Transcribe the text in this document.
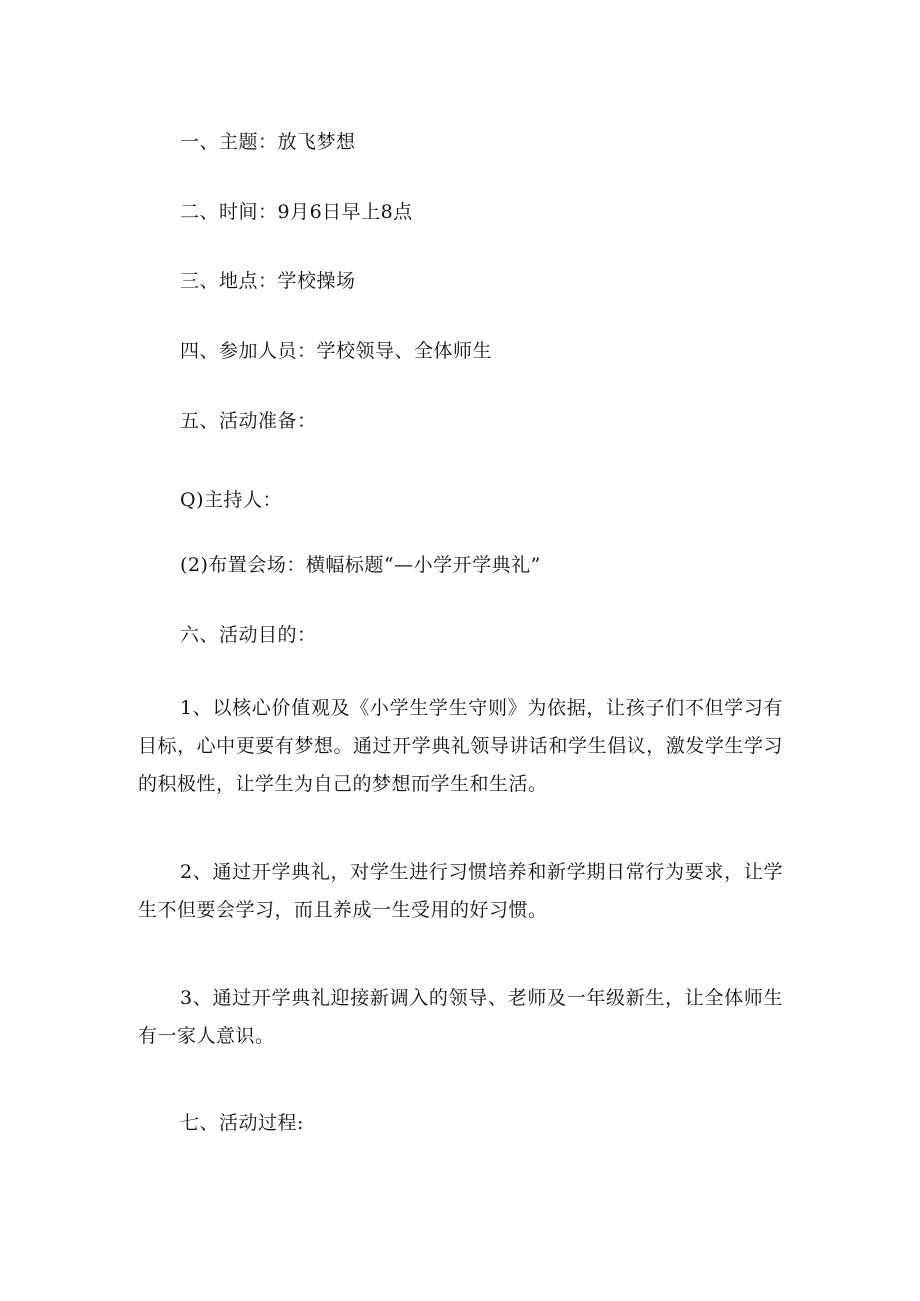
一、主题：放飞梦想
二、时间：9月6日早上8点
三、地点：学校操场
四、参加人员：学校领导、全体师生
五、活动准备：
Q)主持人：
(2)布置会场：横幅标题“—小学开学典礼”
六、活动目的：
1、以核心价值观及《小学生学生守则》为依据，让孩子们不但学习有目标，心中更要有梦想。通过开学典礼领导讲话和学生倡议，激发学生学习的积极性，让学生为自己的梦想而学生和生活。
2、通过开学典礼，对学生进行习惯培养和新学期日常行为要求，让学生不但要会学习，而且养成一生受用的好习惯。
3、通过开学典礼迎接新调入的领导、老师及一年级新生，让全体师生有一家人意识。
七、活动过程:
